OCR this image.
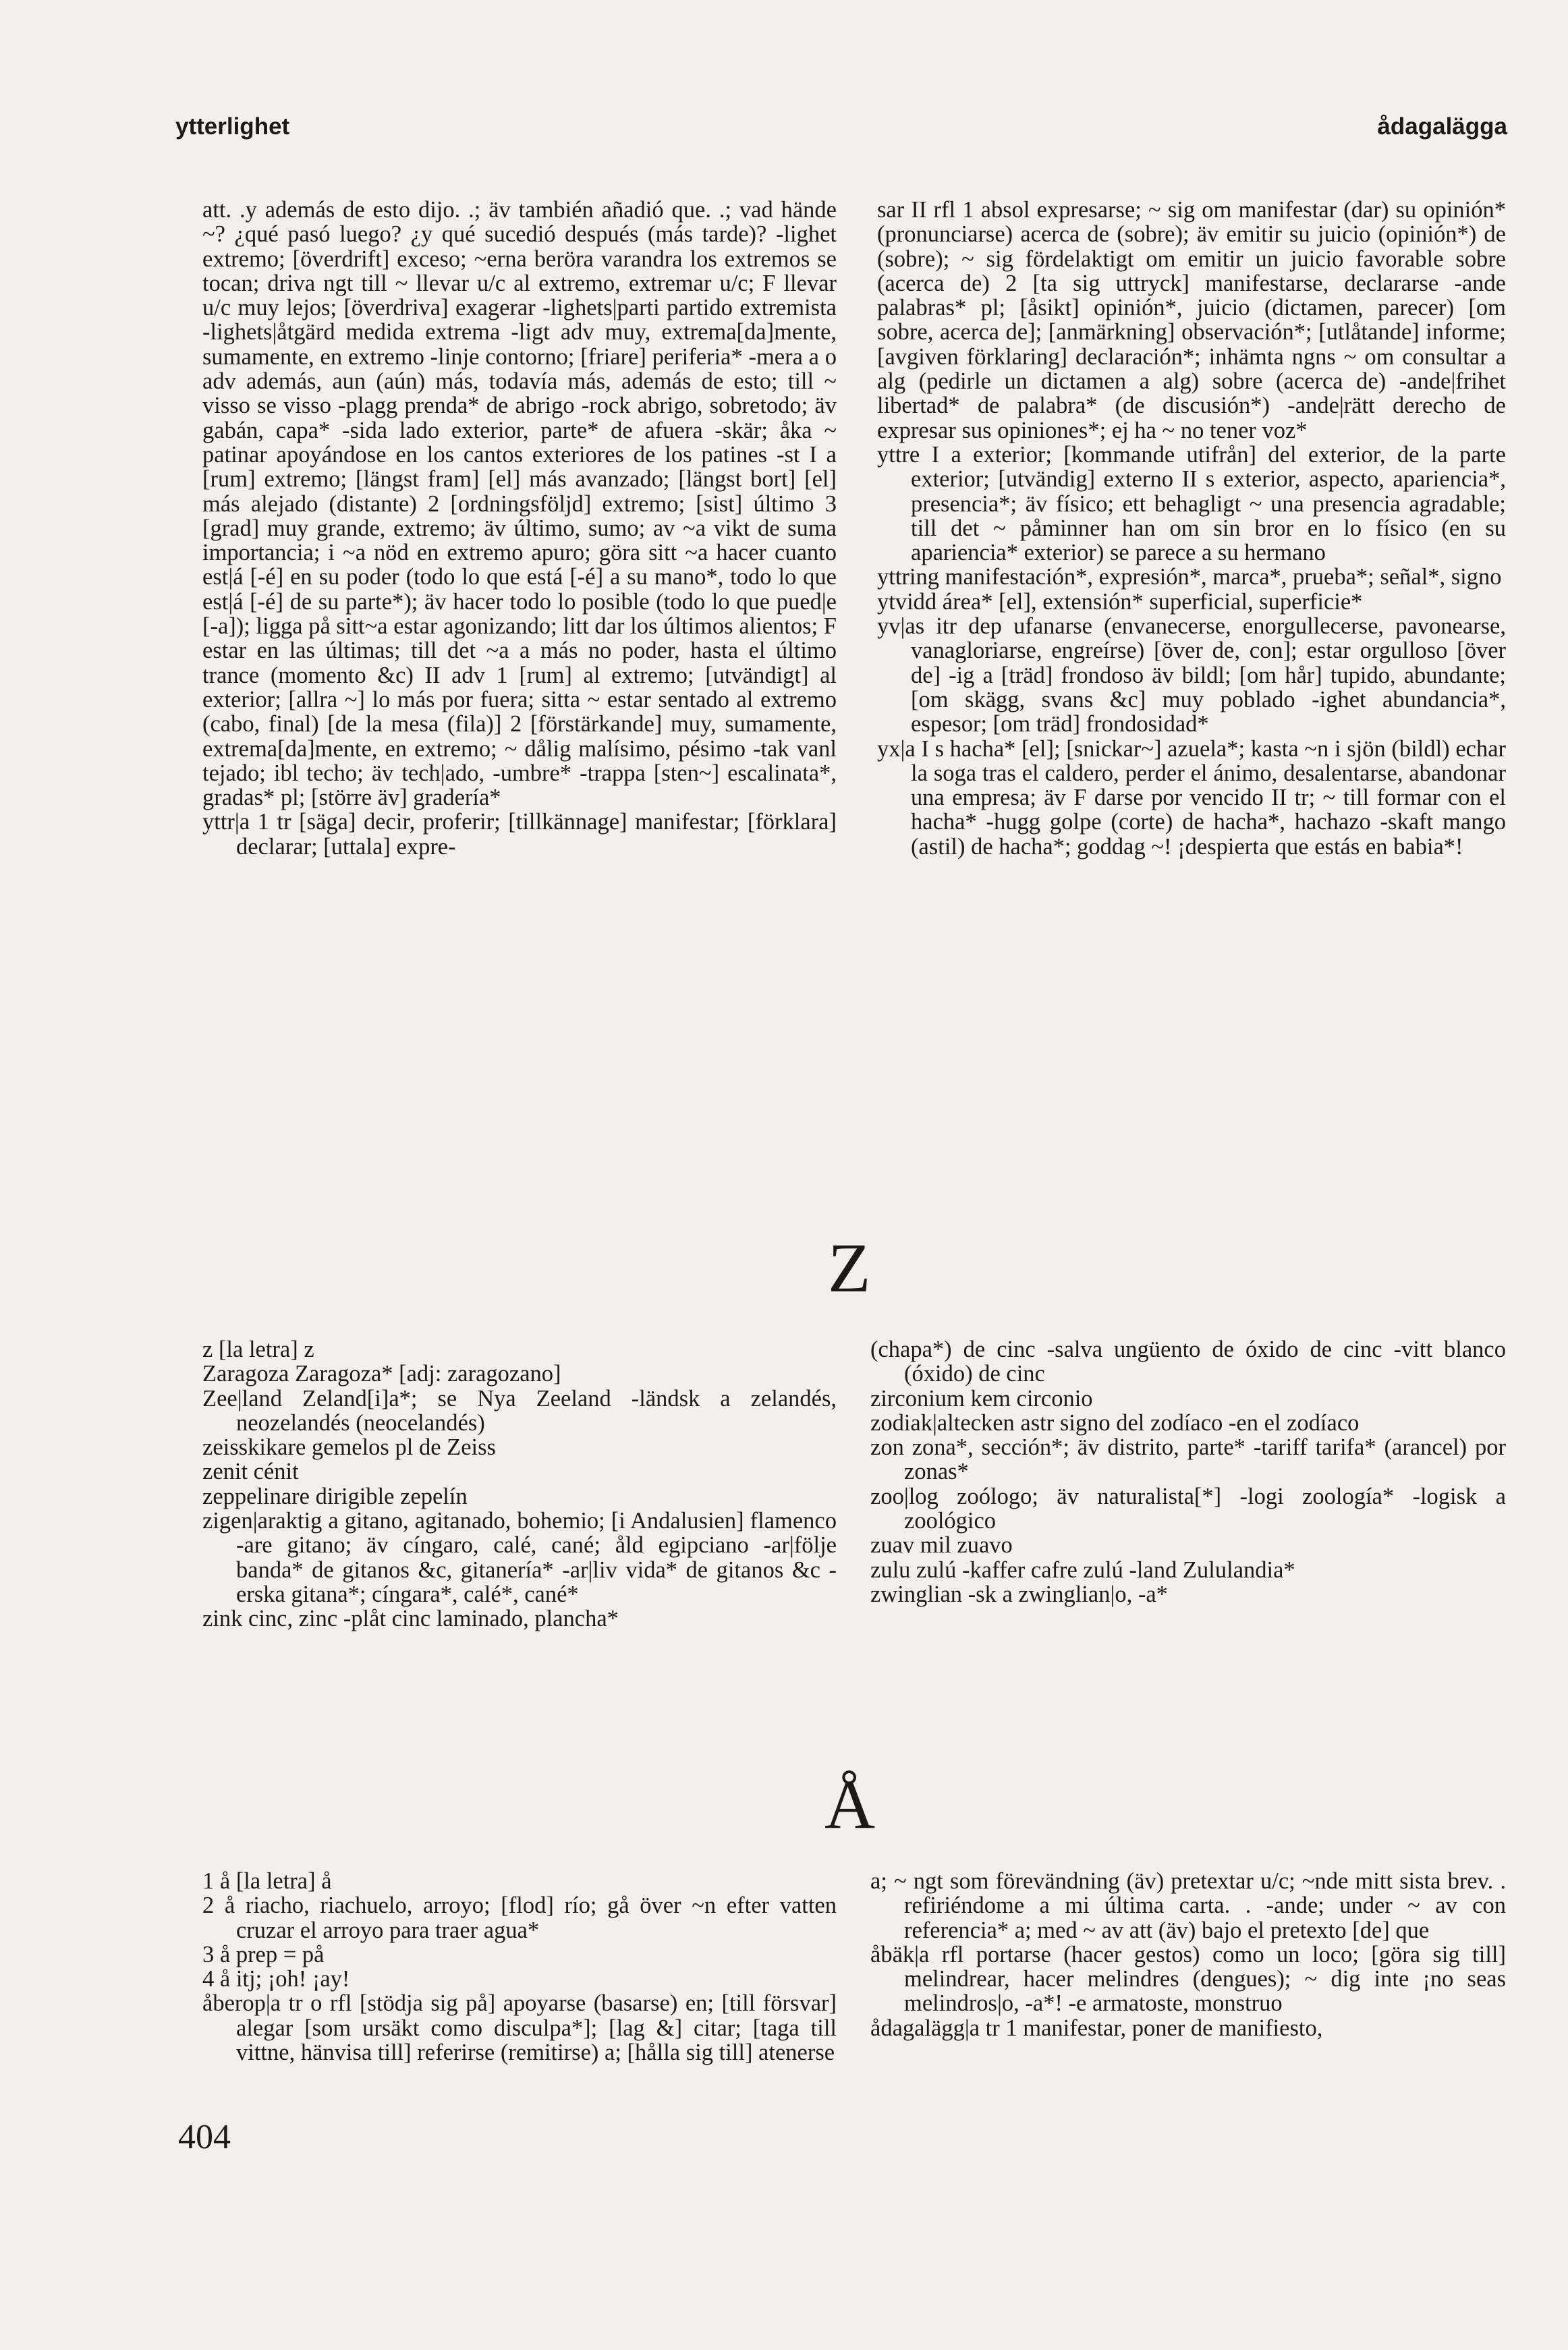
ytterlighet	ådagalägga

att. .y además de esto dijo. .; äv también añadió que. .; vad hände ~? ¿qué pasó luego? ¿y qué sucedió después (más tarde)? -lighet extremo; [överdrift] exceso; ~erna beröra varandra los extremos se tocan; driva ngt till ~ llevar u/c al extremo, extremar u/c; F llevar u/c muy lejos; [överdriva] exagerar -lighets|parti partido extremista -lighets|åtgärd medida extrema -ligt adv muy, extrema[da]mente, sumamente, en extremo -linje contorno; [friare] periferia* -mera a o adv además, aun (aún) más, todavía más, además de esto; till ~ visso se visso -plagg prenda* de abrigo -rock abrigo, sobretodo; äv gabán, capa* -sida lado exterior, parte* de afuera -skär; åka ~ patinar apoyándose en los cantos exteriores de los patines -st I a [rum] extremo; [längst fram] [el] más avanzado; [längst bort] [el] más alejado (distante) 2 [ordningsföljd] extremo; [sist] último 3 [grad] muy grande, extremo; äv último, sumo; av ~a vikt de suma importancia; i ~a nöd en extremo apuro; göra sitt ~a hacer cuanto est|á [-é] en su poder (todo lo que está [-é] a su mano*, todo lo que est|á [-é] de su parte*); äv hacer todo lo posible (todo lo que pued|e [-a]); ligga på sitt~a estar agonizando; litt dar los últimos alientos; F estar en las últimas; till det ~a a más no poder, hasta el último trance (momento &c) II adv 1 [rum] al extremo; [utvändigt] al exterior; [allra ~] lo más por fuera; sitta ~ estar sentado al extremo (cabo, final) [de la mesa (fila)] 2 [förstärkande] muy, sumamente, extrema[da]mente, en extremo; ~ dålig malísimo, pésimo -tak vanl tejado; ibl techo; äv tech|ado, -umbre* -trappa [sten~] escalinata*, gradas* pl; [större äv] gradería*

yttr|a 1 tr [säga] decir, proferir; [tillkännage] manifestar; [förklara] declarar; [uttala] expre-

sar II rfl 1 absol expresarse; ~ sig om manifestar (dar) su opinión* (pronunciarse) acerca de (sobre); äv emitir su juicio (opinión*) de (sobre); ~ sig fördelaktigt om emitir un juicio favorable sobre (acerca de) 2 [ta sig uttryck] manifestarse, declararse -ande palabras* pl; [åsikt] opinión*, juicio (dictamen, parecer) [om sobre, acerca de]; [anmärkning] observación*; [utlåtande] informe; [avgiven förklaring] declaración*; inhämta ngns ~ om consultar a alg (pedirle un dictamen a alg) sobre (acerca de) -ande|frihet libertad* de palabra* (de discusión*) -ande|rätt derecho de expresar sus opiniones*; ej ha ~ no tener voz*

yttre I a exterior; [kommande utifrån] del exterior, de la parte exterior; [utvändig] externo II s exterior, aspecto, apariencia*, presencia*; äv físico; ett behagligt ~ una presencia agradable; till det ~ påminner han om sin bror en lo físico (en su apariencia* exterior) se parece a su hermano

yttring manifestación*, expresión*, marca*, prueba*; señal*, signo

ytvidd área* [el], extensión* superficial, superficie*

yv|as itr dep ufanarse (envanecerse, enorgullecerse, pavonearse, vanagloriarse, engreírse) [över de, con]; estar orgulloso [över de] -ig a [träd] frondoso äv bildl; [om hår] tupido, abundante; [om skägg, svans &c] muy poblado -ighet abundancia*, espesor; [om träd] frondosidad*

yx|a I s hacha* [el]; [snickar~] azuela*; kasta ~n i sjön (bildl) echar la soga tras el caldero, perder el ánimo, desalentarse, abandonar una empresa; äv F darse por vencido II tr; ~ till formar con el hacha* -hugg golpe (corte) de hacha*, hachazo -skaft mango (astil) de hacha*; goddag ~! ¡despierta que estás en babia*!

Z

z [la letra] z

Zaragoza Zaragoza* [adj: zaragozano]

Zee|land Zeland[i]a*; se Nya Zeeland -ländsk a zelandés, neozelandés (neocelandés)

zeisskikare gemelos pl de Zeiss

zenit cénit

zeppelinare dirigible zepelín

zigen|araktig a gitano, agitanado, bohemio; [i Andalusien] flamenco -are gitano; äv cíngaro, calé, cané; åld egipciano -ar|följe banda* de gitanos &c, gitanería* -ar|liv vida* de gitanos &c -erska gitana*; cíngara*, calé*, cané*

zink cinc, zinc -plåt cinc laminado, plancha*

(chapa*) de cinc -salva ungüento de óxido de cinc -vitt blanco (óxido) de cinc

zirconium kem circonio

zodiak|altecken astr signo del zodíaco -en el zodíaco

zon zona*, sección*; äv distrito, parte* -tariff tarifa* (arancel) por zonas*

zoo|log zoólogo; äv naturalista[*] -logi zoología* -logisk a zoológico

zuav mil zuavo

zulu zulú -kaffer cafre zulú -land Zululandia*

zwinglian -sk a zwinglian|o, -a*

Å

1 å [la letra] å

2 å riacho, riachuelo, arroyo; [flod] río; gå över ~n efter vatten cruzar el arroyo para traer agua*

3 å prep = på

4 å itj; ¡oh! ¡ay!

åberop|a tr o rfl [stödja sig på] apoyarse (basarse) en; [till försvar] alegar [som ursäkt como disculpa*]; [lag &] citar; [taga till vittne, hänvisa till] referirse (remitirse) a; [hålla sig till] atenerse

a; ~ ngt som förevändning (äv) pretextar u/c; ~nde mitt sista brev. . refiriéndome a mi última carta. . -ande; under ~ av con referencia* a; med ~ av att (äv) bajo el pretexto [de] que

åbäk|a rfl portarse (hacer gestos) como un loco; [göra sig till] melindrear, hacer melindres (dengues); ~ dig inte ¡no seas melindros|o, -a*! -e armatoste, monstruo

ådagalägg|a tr 1 manifestar, poner de manifiesto,

404
